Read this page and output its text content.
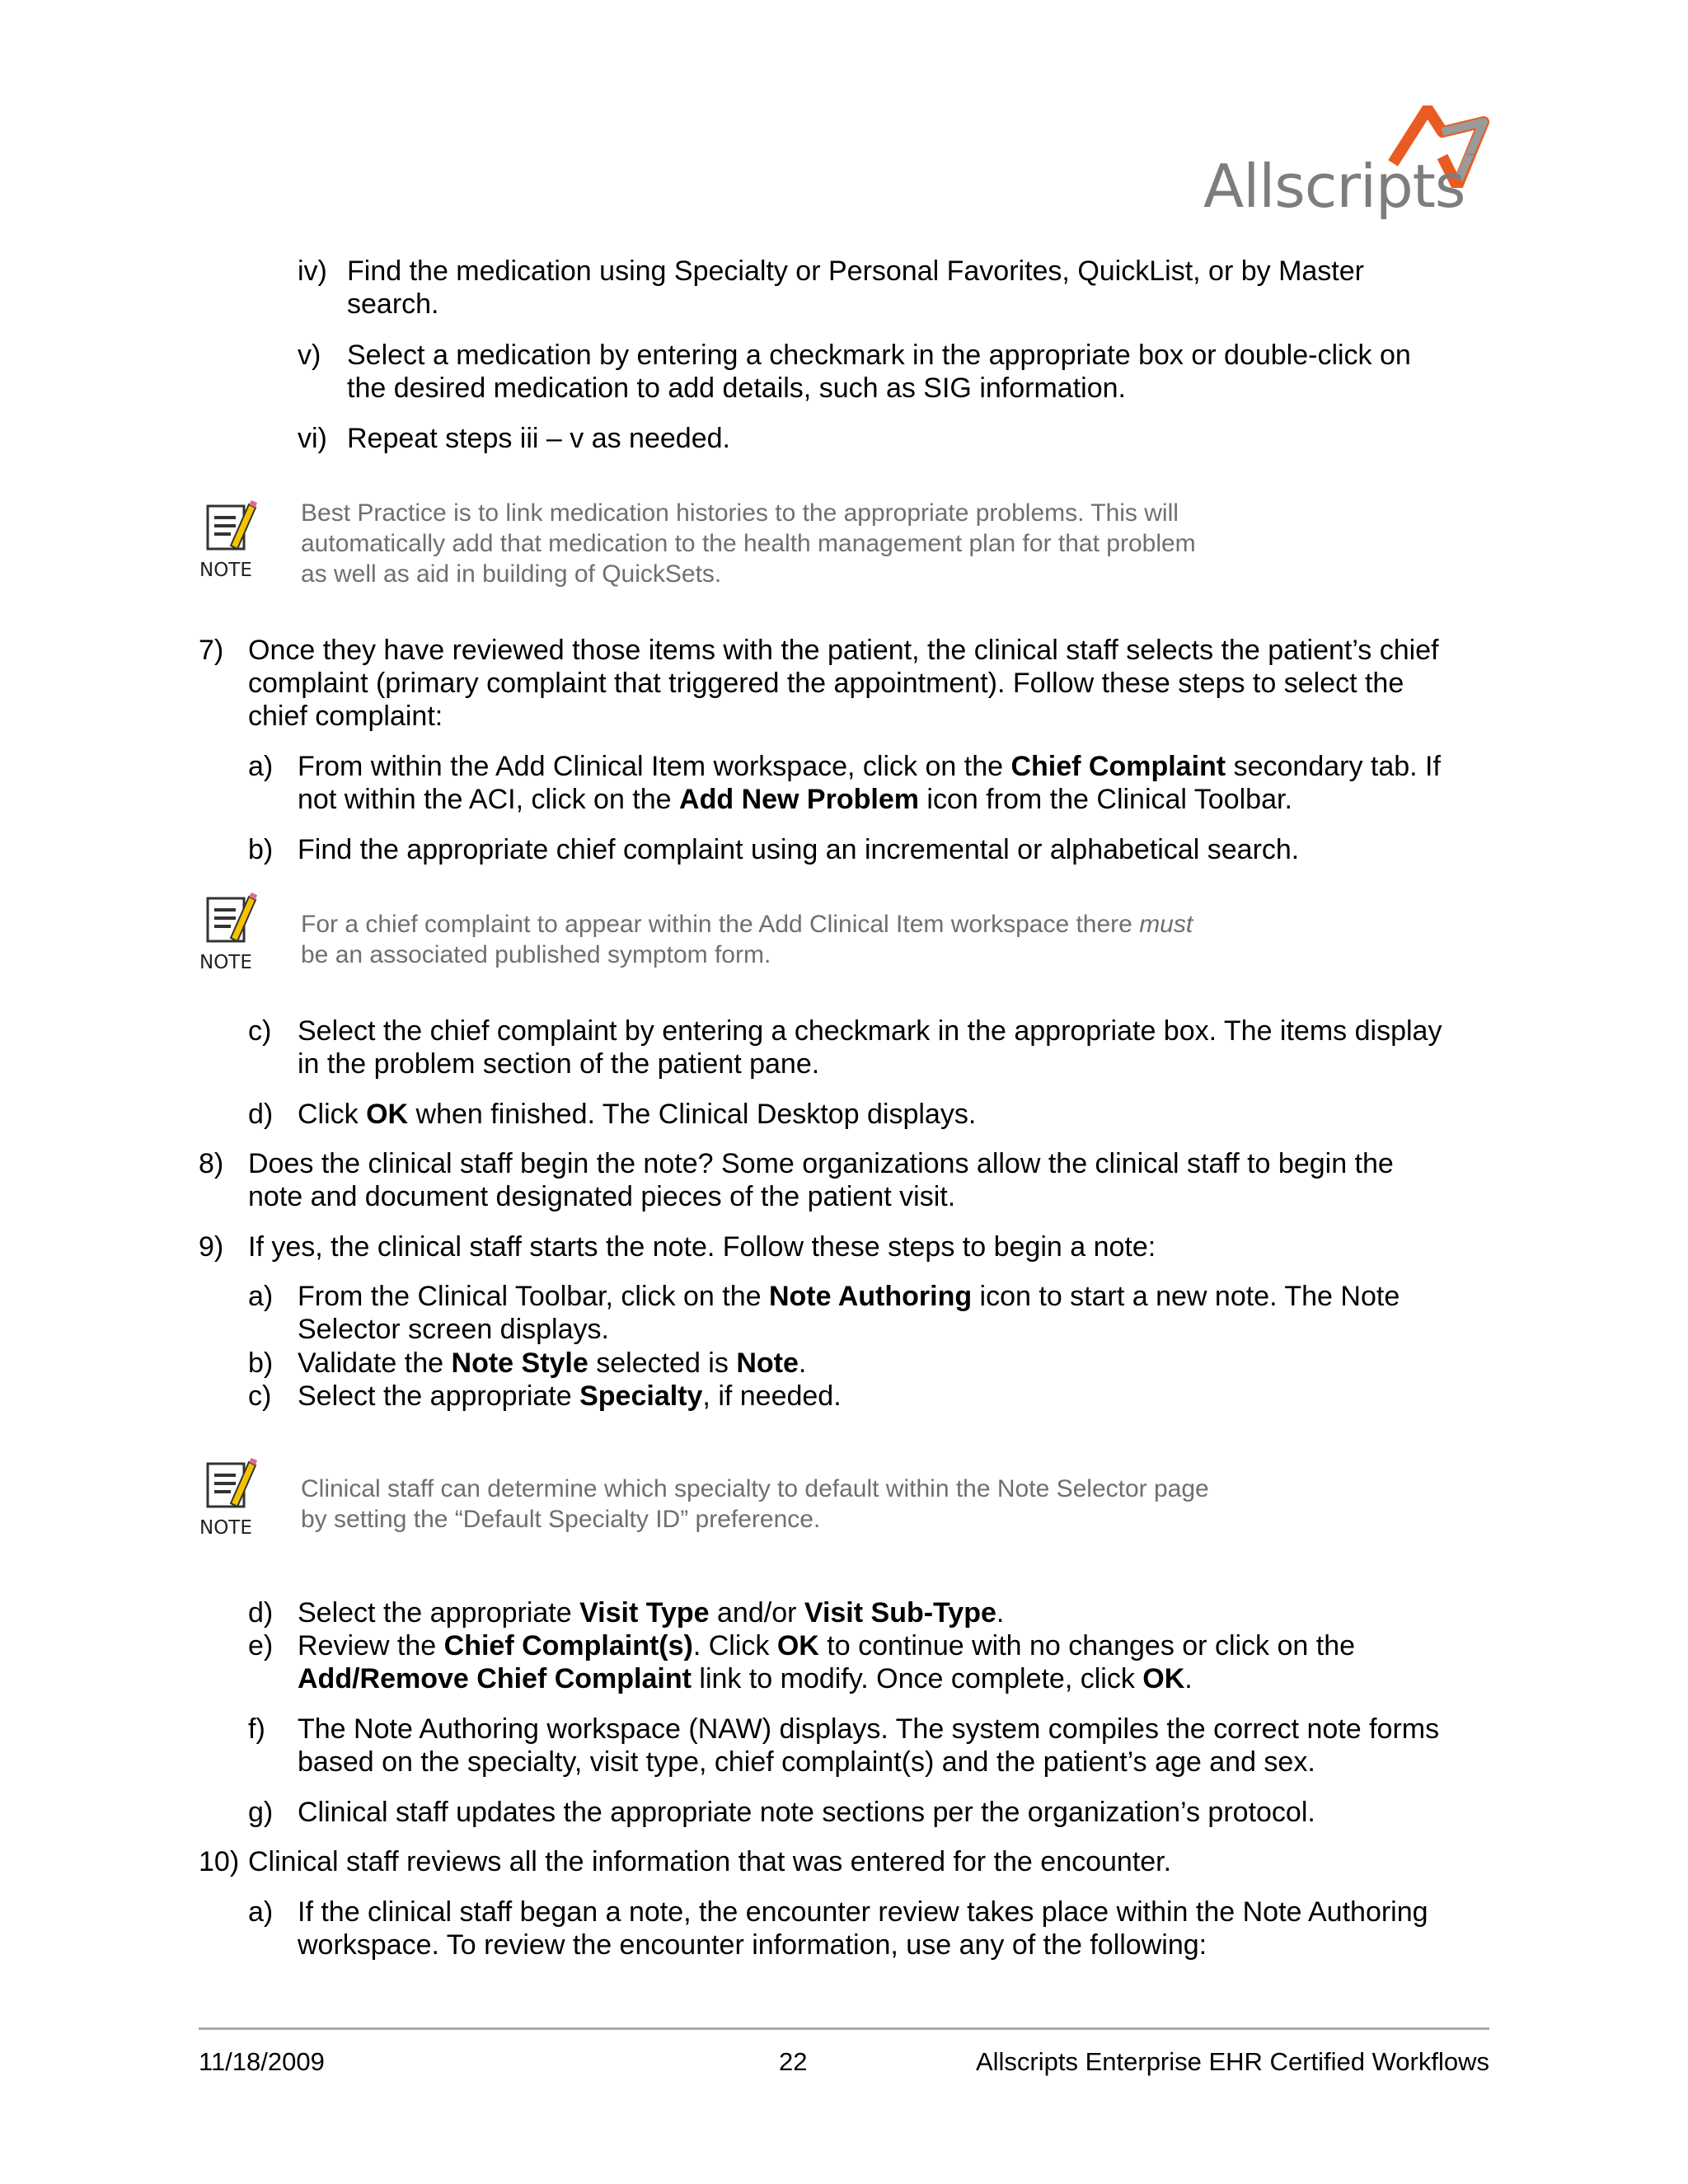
Allscripts™
iv) Find the medication using Specialty or Personal Favorites, QuickList, or by Master
search.
v) Select a medication by entering a checkmark in the appropriate box or double-click on
the desired medication to add details, such as SIG information.
vi) Repeat steps iii – v as needed.
NOTE
Best Practice is to link medication histories to the appropriate problems. This will
automatically add that medication to the health management plan for that problem
as well as aid in building of QuickSets.
7) Once they have reviewed those items with the patient, the clinical staff selects the patient’s chief
complaint (primary complaint that triggered the appointment). Follow these steps to select the
chief complaint:
a) From within the Add Clinical Item workspace, click on the Chief Complaint secondary tab. If
not within the ACI, click on the Add New Problem icon from the Clinical Toolbar.
b) Find the appropriate chief complaint using an incremental or alphabetical search.
NOTE
For a chief complaint to appear within the Add Clinical Item workspace there must
be an associated published symptom form.
c) Select the chief complaint by entering a checkmark in the appropriate box. The items display
in the problem section of the patient pane.
d) Click OK when finished. The Clinical Desktop displays.
8) Does the clinical staff begin the note? Some organizations allow the clinical staff to begin the
note and document designated pieces of the patient visit.
9) If yes, the clinical staff starts the note. Follow these steps to begin a note:
a) From the Clinical Toolbar, click on the Note Authoring icon to start a new note. The Note
Selector screen displays.
b) Validate the Note Style selected is Note.
c) Select the appropriate Specialty, if needed.
NOTE
Clinical staff can determine which specialty to default within the Note Selector page
by setting the “Default Specialty ID” preference.
d) Select the appropriate Visit Type and/or Visit Sub-Type.
e) Review the Chief Complaint(s). Click OK to continue with no changes or click on the
Add/Remove Chief Complaint link to modify. Once complete, click OK.
f) The Note Authoring workspace (NAW) displays. The system compiles the correct note forms
based on the specialty, visit type, chief complaint(s) and the patient’s age and sex.
g) Clinical staff updates the appropriate note sections per the organization’s protocol.
10) Clinical staff reviews all the information that was entered for the encounter.
a) If the clinical staff began a note, the encounter review takes place within the Note Authoring
workspace. To review the encounter information, use any of the following:
11/18/2009	22	Allscripts Enterprise EHR Certified Workflows
